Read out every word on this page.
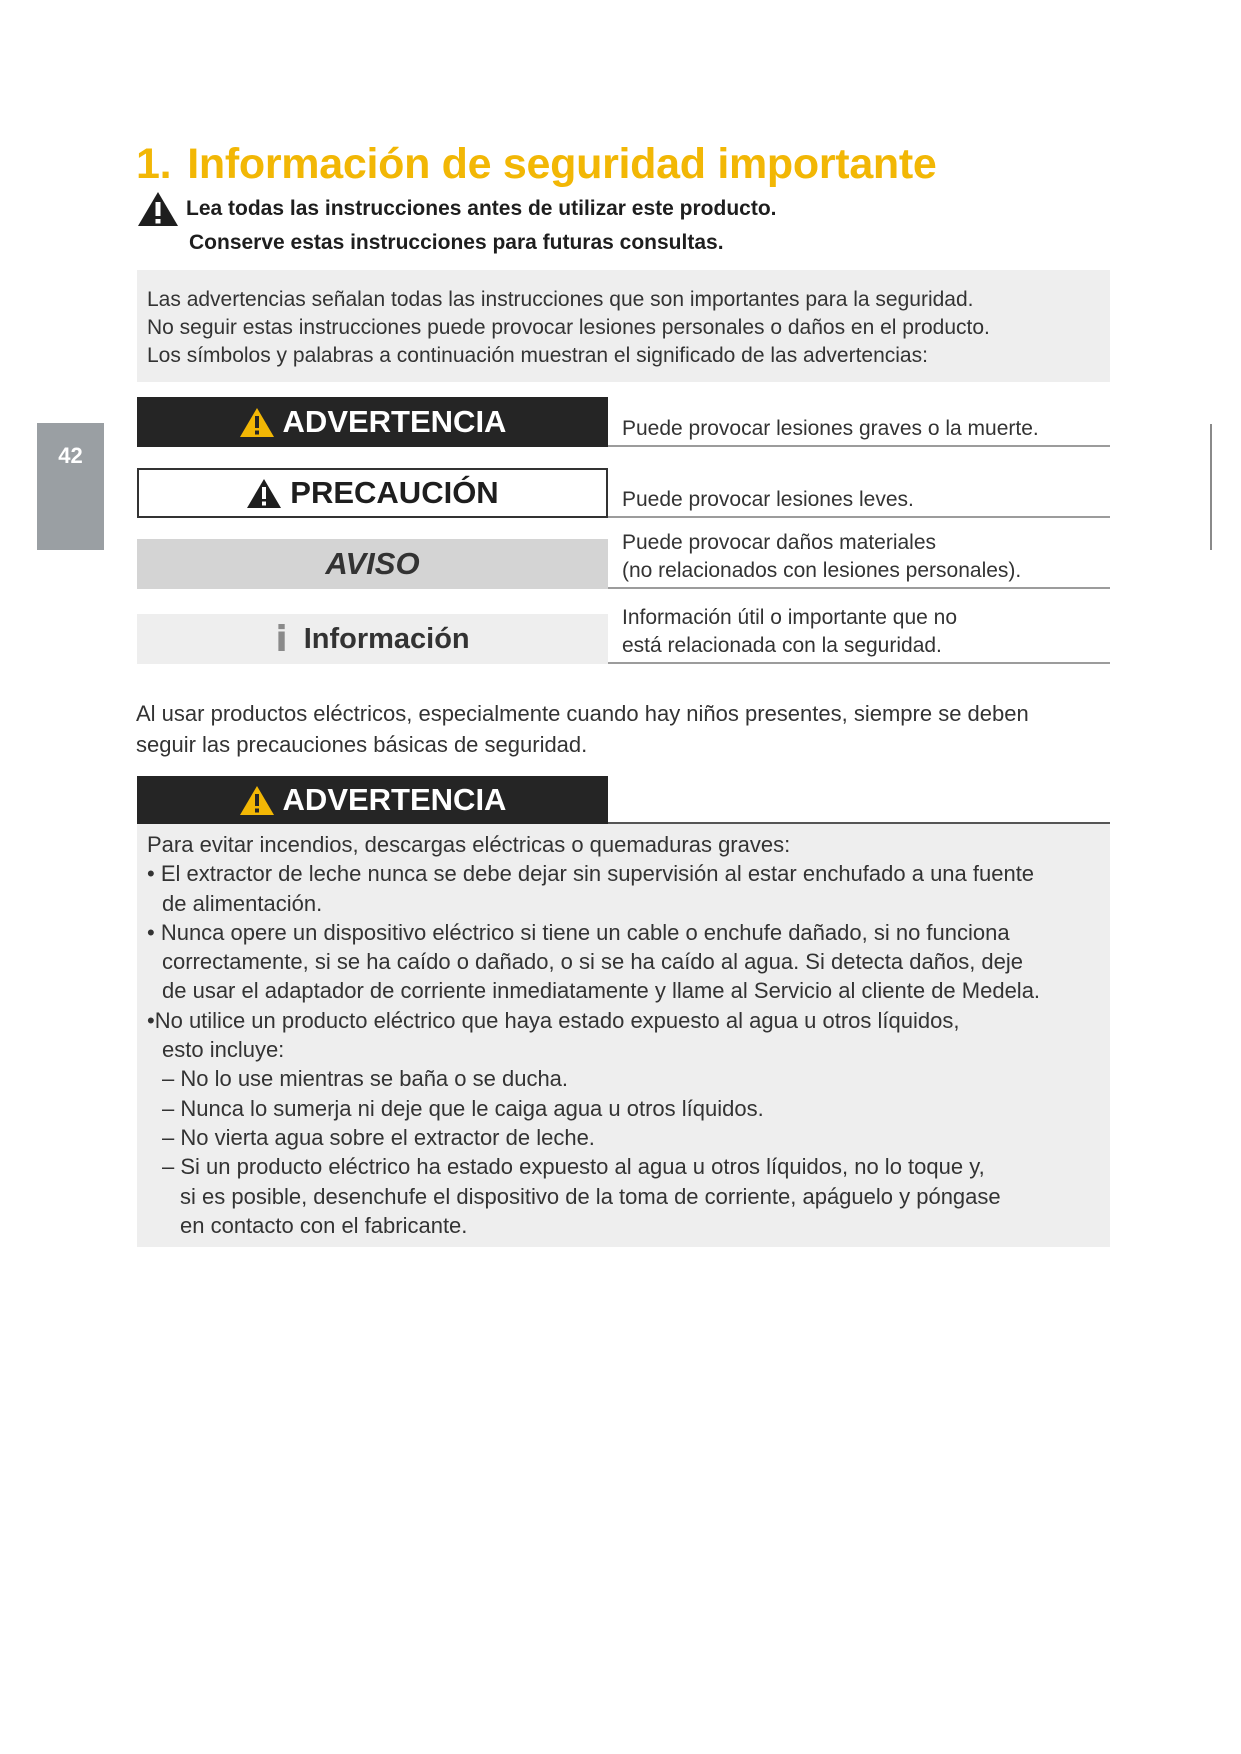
42
1. Información de seguridad importante
Lea todas las instrucciones antes de utilizar este producto.
Conserve estas instrucciones para futuras consultas.
Las advertencias señalan todas las instrucciones que son importantes para la seguridad.
No seguir estas instrucciones puede provocar lesiones personales o daños en el producto.
Los símbolos y palabras a continuación muestran el significado de las advertencias:
ADVERTENCIA	Puede provocar lesiones graves o la muerte.
PRECAUCIÓN	Puede provocar lesiones leves.
AVISO
Puede provocar daños materiales
(no relacionados con lesiones personales).
i Información
Información útil o importante que no
está relacionada con la seguridad.
Al usar productos eléctricos, especialmente cuando hay niños presentes, siempre se deben
seguir las precauciones básicas de seguridad.
ADVERTENCIA
Para evitar incendios, descargas eléctricas o quemaduras graves:
• El extractor de leche nunca se debe dejar sin supervisión al estar enchufado a una fuente
de alimentación.
• Nunca opere un dispositivo eléctrico si tiene un cable o enchufe dañado, si no funciona
correctamente, si se ha caído o dañado, o si se ha caído al agua. Si detecta daños, deje
de usar el adaptador de corriente inmediatamente y llame al Servicio al cliente de Medela.
•No utilice un producto eléctrico que haya estado expuesto al agua u otros líquidos,
esto incluye:
– No lo use mientras se baña o se ducha.
– Nunca lo sumerja ni deje que le caiga agua u otros líquidos.
– No vierta agua sobre el extractor de leche.
– Si un producto eléctrico ha estado expuesto al agua u otros líquidos, no lo toque y,
si es posible, desenchufe el dispositivo de la toma de corriente, apáguelo y póngase
en contacto con el fabricante.
